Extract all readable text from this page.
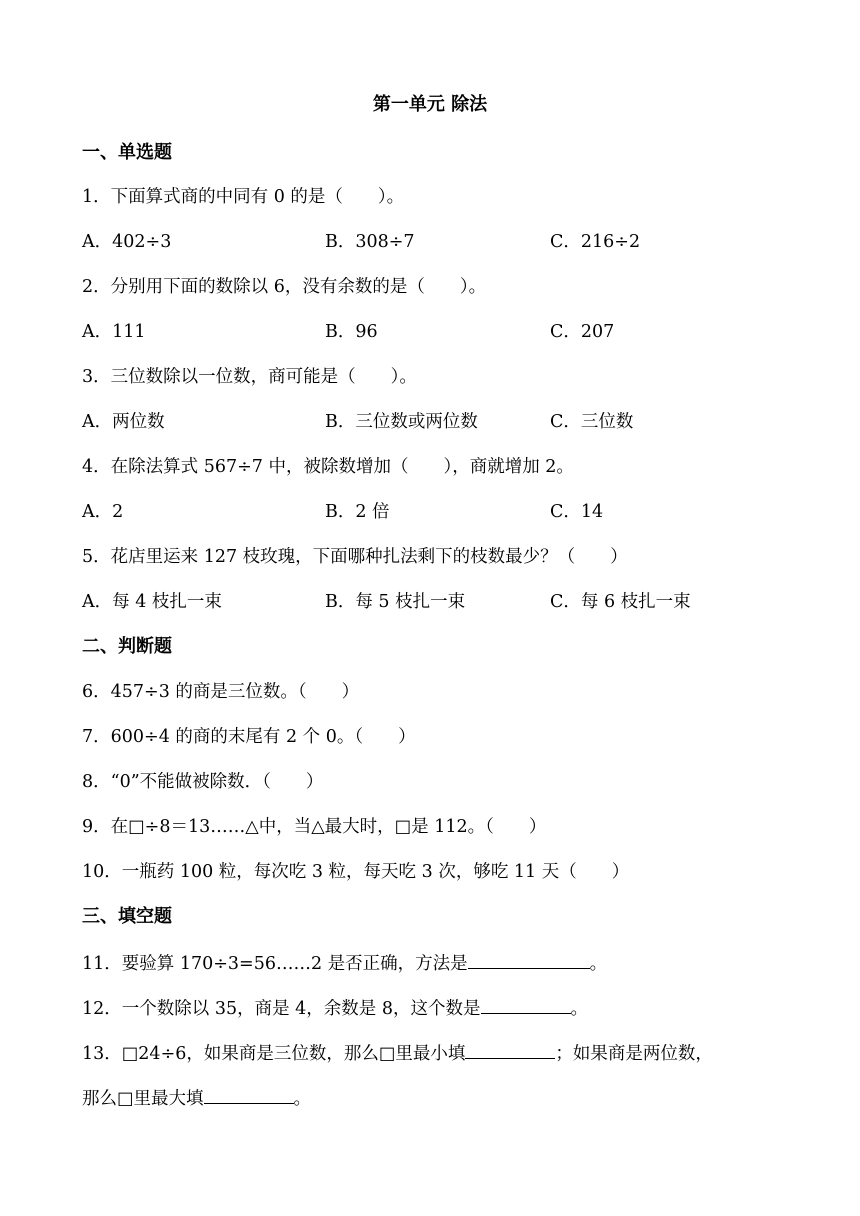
第一单元 除法
一、单选题
1．下面算式商的中同有 0 的是（　　）。
A．402÷3	B．308÷7	C．216÷2
2．分别用下面的数除以 6，没有余数的是（　　）。
A．111	B．96	C．207
3．三位数除以一位数，商可能是（　　）。
A．两位数	B．三位数或两位数	C．三位数
4．在除法算式 567÷7 中，被除数增加（　　），商就增加 2。
A．2	B．2 倍	C．14
5．花店里运来 127 枝玫瑰，下面哪种扎法剩下的枝数最少？（　　）
A．每 4 枝扎一束	B．每 5 枝扎一束	C．每 6 枝扎一束
二、判断题
6．457÷3 的商是三位数。（　　）
7．600÷4 的商的末尾有 2 个 0。（　　）
8．“0”不能做被除数．（　　）
9．在□÷8＝13……△中，当△最大时，□是 112。（　　）
10．一瓶药 100 粒，每次吃 3 粒，每天吃 3 次，够吃 11 天（　　）
三、填空题
11．要验算 170÷3=56……2 是否正确，方法是	。
12．一个数除以 35，商是 4，余数是 8，这个数是	。
13．□24÷6，如果商是三位数，那么□里最小填	；如果商是两位数，
那么□里最大填	。
